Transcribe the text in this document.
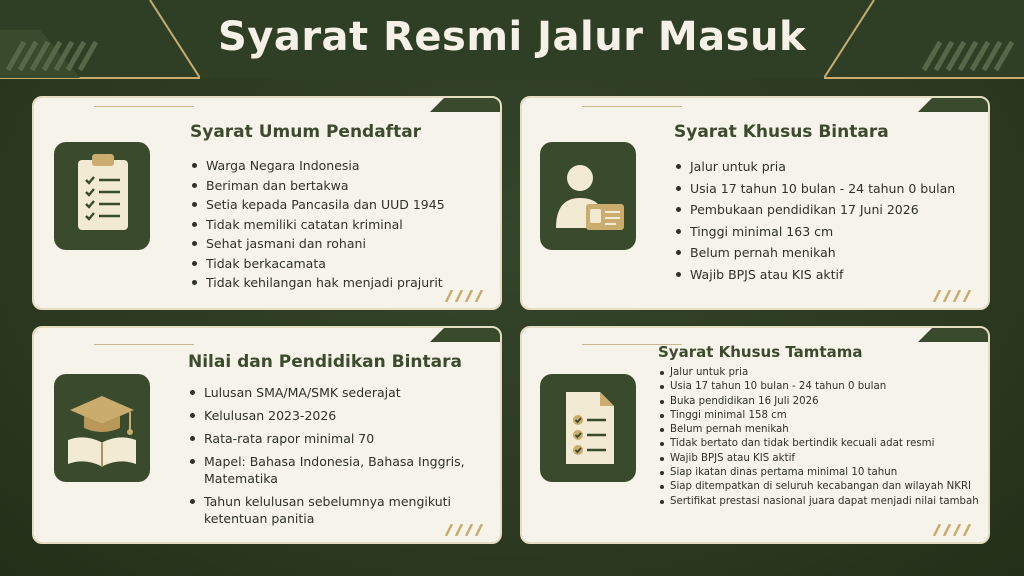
Syarat Resmi Jalur Masuk
Syarat Umum Pendaftar
Warga Negara Indonesia
Beriman dan bertakwa
Setia kepada Pancasila dan UUD 1945
Tidak memiliki catatan kriminal
Sehat jasmani dan rohani
Tidak berkacamata
Tidak kehilangan hak menjadi prajurit
Syarat Khusus Bintara
Jalur untuk pria
Usia 17 tahun 10 bulan - 24 tahun 0 bulan
Pembukaan pendidikan 17 Juni 2026
Tinggi minimal 163 cm
Belum pernah menikah
Wajib BPJS atau KIS aktif
Nilai dan Pendidikan Bintara
Lulusan SMA/MA/SMK sederajat
Kelulusan 2023-2026
Rata-rata rapor minimal 70
Mapel: Bahasa Indonesia, Bahasa Inggris, Matematika
Tahun kelulusan sebelumnya mengikuti ketentuan panitia
Syarat Khusus Tamtama
Jalur untuk pria
Usia 17 tahun 10 bulan - 24 tahun 0 bulan
Buka pendidikan 16 Juli 2026
Tinggi minimal 158 cm
Belum pernah menikah
Tidak bertato dan tidak bertindik kecuali adat resmi
Wajib BPJS atau KIS aktif
Siap ikatan dinas pertama minimal 10 tahun
Siap ditempatkan di seluruh kecabangan dan wilayah NKRI
Sertifikat prestasi nasional juara dapat menjadi nilai tambah
